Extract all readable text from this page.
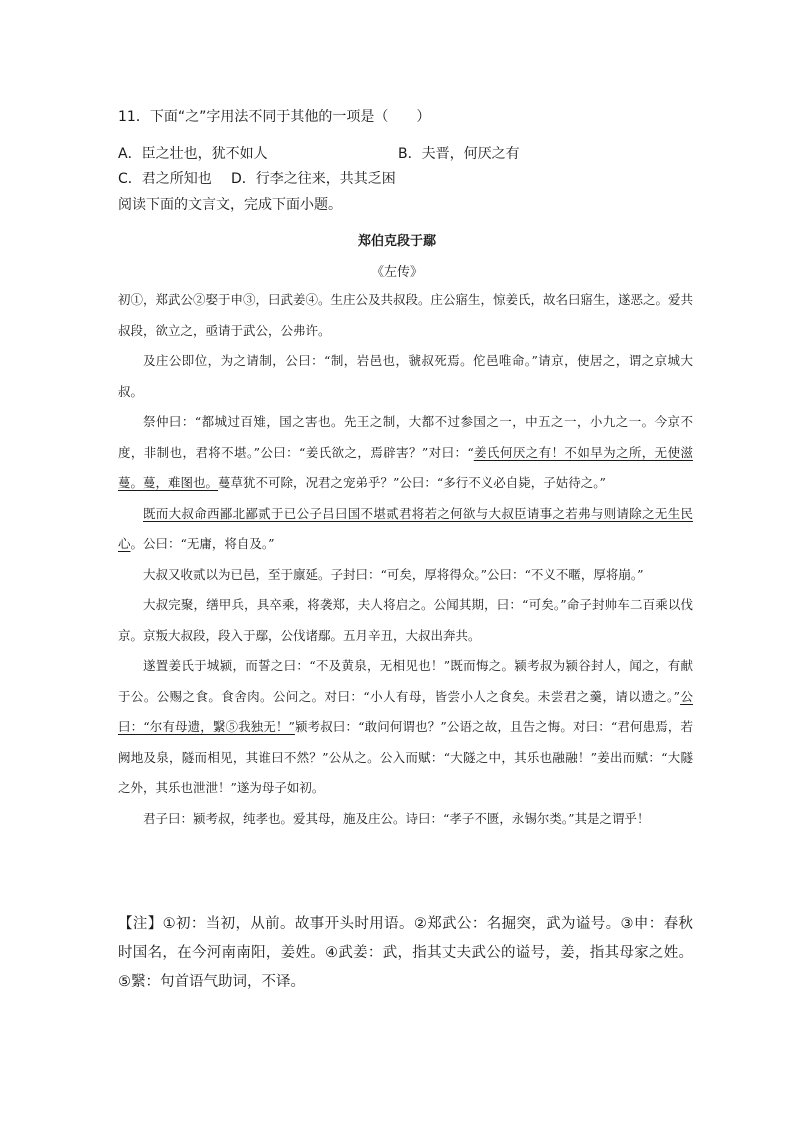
11．下面“之”字用法不同于其他的一项是（　　）
A．臣之壮也，犹不如人	B．夫晋，何厌之有
C．君之所知也 D．行李之往来，共其乏困
阅读下面的文言文，完成下面小题。
郑伯克段于鄢
《左传》

初①，郑武公②娶于申③，曰武姜④。生庄公及共叔段。庄公寤生，惊姜氏，故名曰寤生，遂恶之。爱共叔段，欲立之，亟请于武公，公弗许。

及庄公即位，为之请制，公曰：“制，岩邑也，虢叔死焉。佗邑唯命。”请京，使居之，谓之京城大叔。

祭仲曰：“都城过百雉，国之害也。先王之制，大都不过参国之一，中五之一，小九之一。今京不度，非制也，君将不堪。”公曰：“姜氏欲之，焉辟害？”对曰：“姜氏何厌之有！不如早为之所，无使滋蔓。蔓，难图也。蔓草犹不可除，况君之宠弟乎？”公曰：“多行不义必自毙，子姑待之。”

既而大叔命西鄙北鄙贰于已公子吕曰国不堪贰君将若之何欲与大叔臣请事之若弗与则请除之无生民心。公曰：“无庸，将自及。”

大叔又收贰以为已邑，至于廪延。子封曰：“可矣，厚将得众。”公曰：“不义不暱，厚将崩。”

大叔完聚，缮甲兵，具卒乘，将袭郑，夫人将启之。公闻其期，曰：“可矣。”命子封帅车二百乘以伐京。京叛大叔段，段入于鄢，公伐诸鄢。五月辛丑，大叔出奔共。

遂置姜氏于城颍，而誓之曰：“不及黄泉，无相见也！”既而悔之。颍考叔为颍谷封人，闻之，有献于公。公赐之食。食舍肉。公问之。对曰：“小人有母，皆尝小人之食矣。未尝君之羹，请以遗之。”公曰：“尔有母遗，繄⑤我独无！”颍考叔曰：“敢问何谓也？”公语之故，且告之悔。对曰：“君何患焉，若阙地及泉，隧而相见，其谁曰不然？”公从之。公入而赋：“大隧之中，其乐也融融！”姜出而赋：“大隧之外，其乐也泄泄！”遂为母子如初。

君子曰：颍考叔，纯孝也。爱其母，施及庄公。诗曰：“孝子不匮，永锡尔类。”其是之谓乎！

【注】①初：当初，从前。故事开头时用语。②郑武公：名掘突，武为谥号。③申：春秋时国名，在今河南南阳，姜姓。④武姜：武，指其丈夫武公的谥号，姜，指其母家之姓。⑤繄：句首语气助词，不译。
